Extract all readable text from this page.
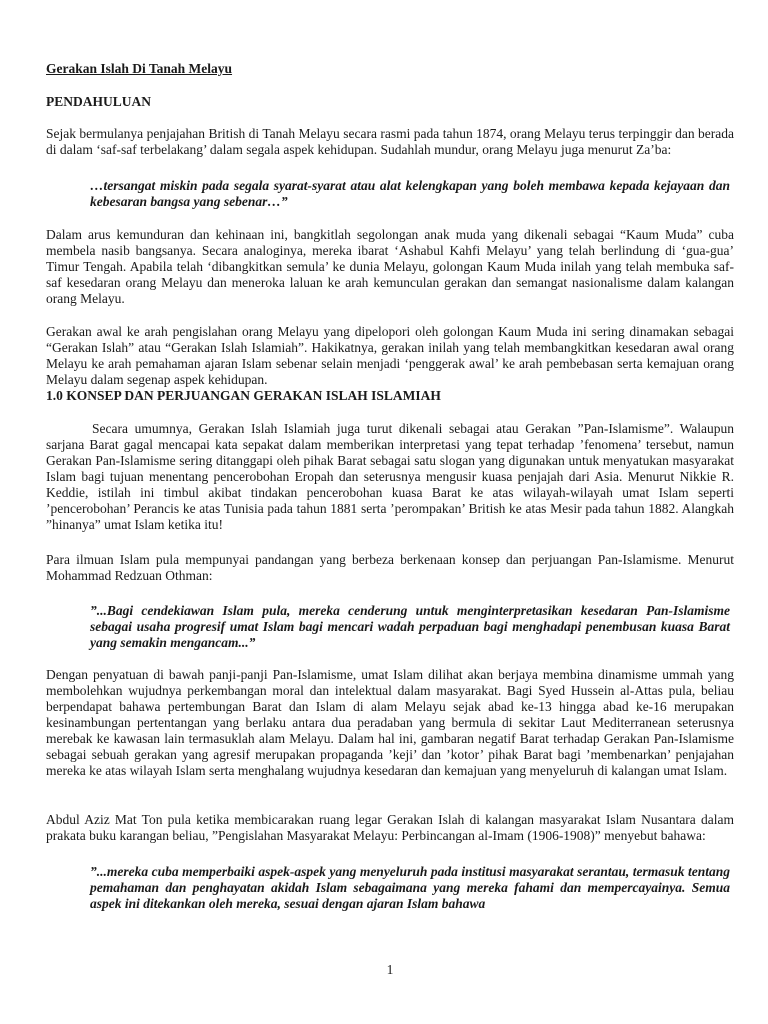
Gerakan Islah Di Tanah Melayu
PENDAHULUAN

Sejak bermulanya penjajahan British di Tanah Melayu secara rasmi pada tahun 1874, orang Melayu terus terpinggir dan berada di dalam ‘saf-saf terbelakang’ dalam segala aspek kehidupan. Sudahlah mundur, orang Melayu juga menurut Za’ba:

…tersangat miskin pada segala syarat-syarat atau alat kelengkapan yang boleh membawa kepada kejayaan dan kebesaran bangsa yang sebenar…”

Dalam arus kemunduran dan kehinaan ini, bangkitlah segolongan anak muda yang dikenali sebagai “Kaum Muda” cuba membela nasib bangsanya. Secara analoginya, mereka ibarat ‘Ashabul Kahfi Melayu’ yang telah berlindung di ‘gua-gua’ Timur Tengah. Apabila telah ‘dibangkitkan semula’ ke dunia Melayu, golongan Kaum Muda inilah yang telah membuka saf-saf kesedaran orang Melayu dan meneroka laluan ke arah kemunculan gerakan dan semangat nasionalisme dalam kalangan orang Melayu.

Gerakan awal ke arah pengislahan orang Melayu yang dipelopori oleh golongan Kaum Muda ini sering dinamakan sebagai “Gerakan Islah” atau “Gerakan Islah Islamiah”. Hakikatnya, gerakan inilah yang telah membangkitkan kesedaran awal orang Melayu ke arah pemahaman ajaran Islam sebenar selain menjadi ‘penggerak awal’ ke arah pembebasan serta kemajuan orang Melayu dalam segenap aspek kehidupan.

1.0 KONSEP DAN PERJUANGAN GERAKAN ISLAH ISLAMIAH

Secara umumnya, Gerakan Islah Islamiah juga turut dikenali sebagai atau Gerakan ”Pan-Islamisme”. Walaupun sarjana Barat gagal mencapai kata sepakat dalam memberikan interpretasi yang tepat terhadap ’fenomena’ tersebut, namun Gerakan Pan-Islamisme sering ditanggapi oleh pihak Barat sebagai satu slogan yang digunakan untuk menyatukan masyarakat Islam bagi tujuan menentang pencerobohan Eropah dan seterusnya mengusir kuasa penjajah dari Asia. Menurut Nikkie R. Keddie, istilah ini timbul akibat tindakan pencerobohan kuasa Barat ke atas wilayah-wilayah umat Islam seperti ’pencerobohan’ Perancis ke atas Tunisia pada tahun 1881 serta ’perompakan’ British ke atas Mesir pada tahun 1882. Alangkah ”hinanya” umat Islam ketika itu!

Para ilmuan Islam pula mempunyai pandangan yang berbeza berkenaan konsep dan perjuangan Pan-Islamisme. Menurut Mohammad Redzuan Othman:

”...Bagi cendekiawan Islam pula, mereka cenderung untuk menginterpretasikan kesedaran Pan-Islamisme sebagai usaha progresif umat Islam bagi mencari wadah perpaduan bagi menghadapi penembusan kuasa Barat yang semakin mengancam...”

Dengan penyatuan di bawah panji-panji Pan-Islamisme, umat Islam dilihat akan berjaya membina dinamisme ummah yang membolehkan wujudnya perkembangan moral dan intelektual dalam masyarakat. Bagi Syed Hussein al-Attas pula, beliau berpendapat bahawa pertembungan Barat dan Islam di alam Melayu sejak abad ke-13 hingga abad ke-16 merupakan kesinambungan pertentangan yang berlaku antara dua peradaban yang bermula di sekitar Laut Mediterranean seterusnya merebak ke kawasan lain termasuklah alam Melayu. Dalam hal ini, gambaran negatif Barat terhadap Gerakan Pan-Islamisme sebagai sebuah gerakan yang agresif merupakan propaganda ’keji’ dan ’kotor’ pihak Barat bagi ’membenarkan’ penjajahan mereka ke atas wilayah Islam serta menghalang wujudnya kesedaran dan kemajuan yang menyeluruh di kalangan umat Islam.

Abdul Aziz Mat Ton pula ketika membicarakan ruang legar Gerakan Islah di kalangan masyarakat Islam Nusantara dalam prakata buku karangan beliau, ”Pengislahan Masyarakat Melayu: Perbincangan al-Imam (1906-1908)” menyebut bahawa:

”...mereka cuba memperbaiki aspek-aspek yang menyeluruh pada institusi masyarakat serantau, termasuk tentang pemahaman dan penghayatan akidah Islam sebagaimana yang mereka fahami dan mempercayainya. Semua aspek ini ditekankan oleh mereka, sesuai dengan ajaran Islam bahawa

1
